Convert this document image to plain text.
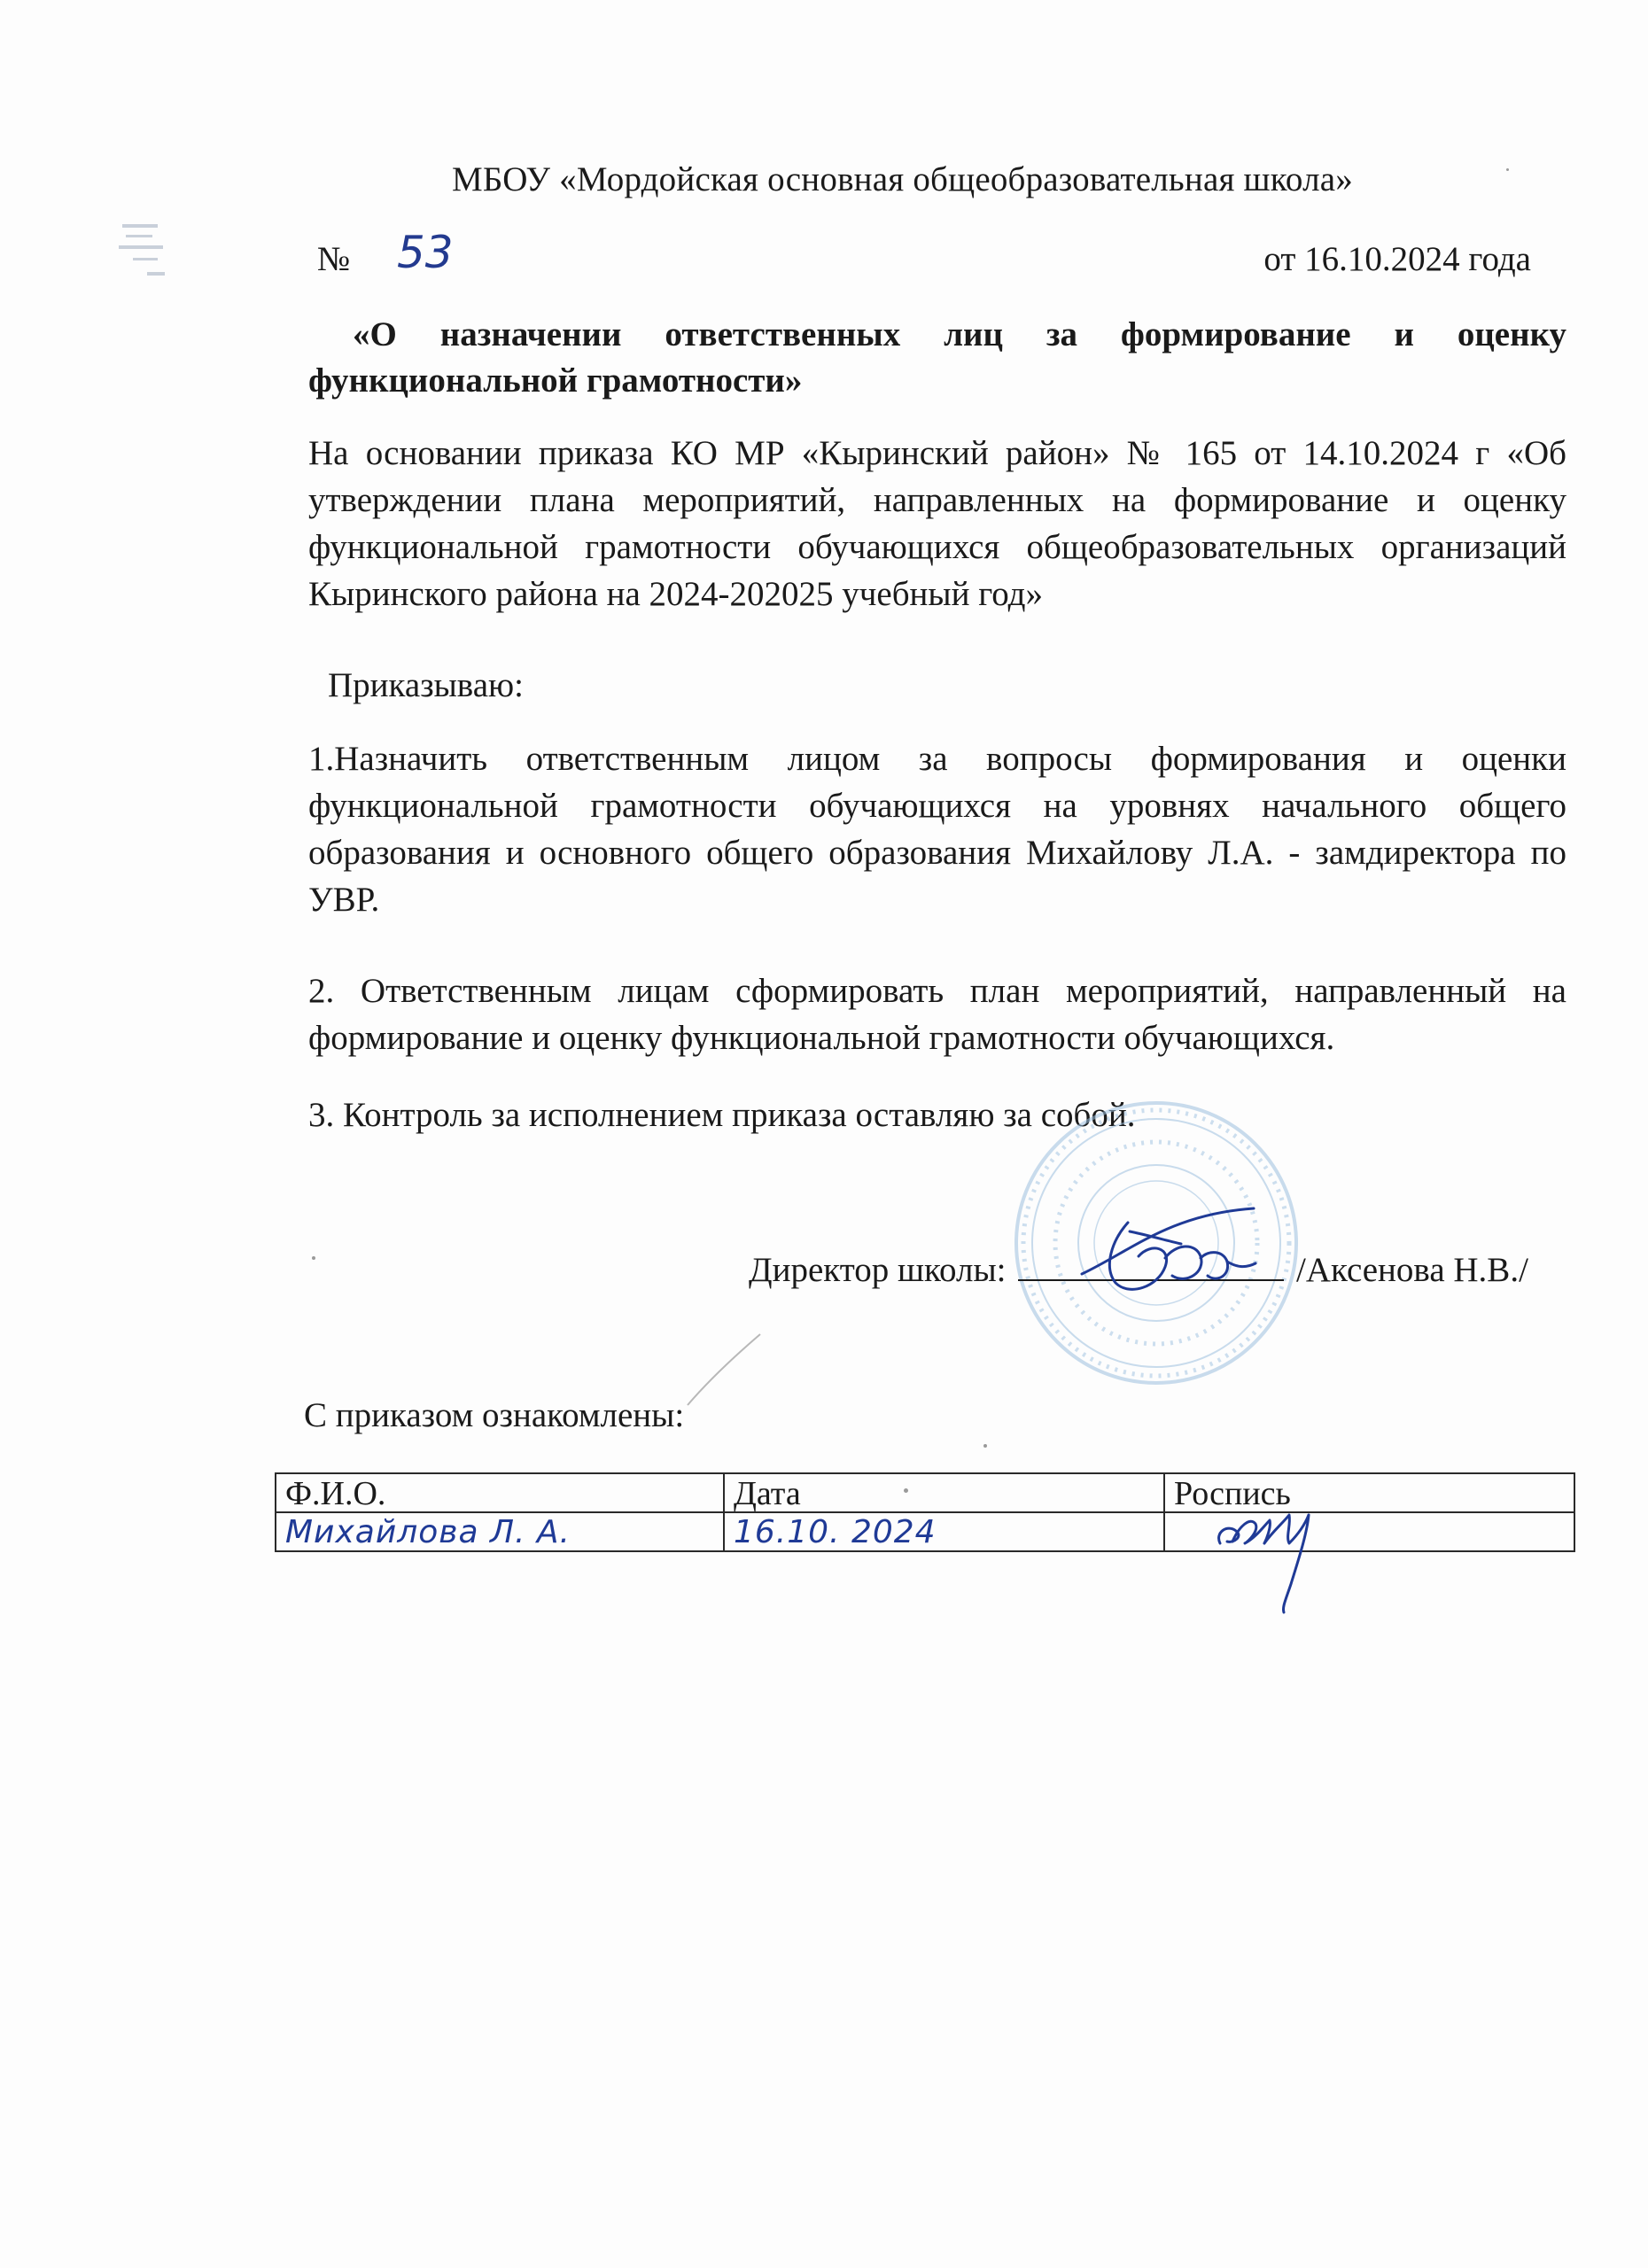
МБОУ «Мордойская основная общеобразовательная школа»
№ 53	от 16.10.2024 года
«О назначении ответственных лиц за формирование и оценку функциональной грамотности»
На основании приказа КО МР «Кыринский район» № 165 от 14.10.2024 г «Об утверждении плана мероприятий, направленных на формирование и оценку функциональной грамотности обучающихся общеобразовательных организаций Кыринского района на 2024-202025 учебный год»
Приказываю:
1.Назначить ответственным лицом за вопросы формирования и оценки функциональной грамотности обучающихся на уровнях начального общего образования и основного общего образования Михайлову Л.А. - замдиректора по УВР.
2. Ответственным лицам сформировать план мероприятий, направленный на формирование и оценку функциональной грамотности обучающихся.
3. Контроль за исполнением приказа оставляю за собой.
Директор школы:	/Аксенова Н.В./
С приказом ознакомлены:
Ф.И.О.	Дата	Роспись
Михайлова Л. А.	16.10. 2024	
